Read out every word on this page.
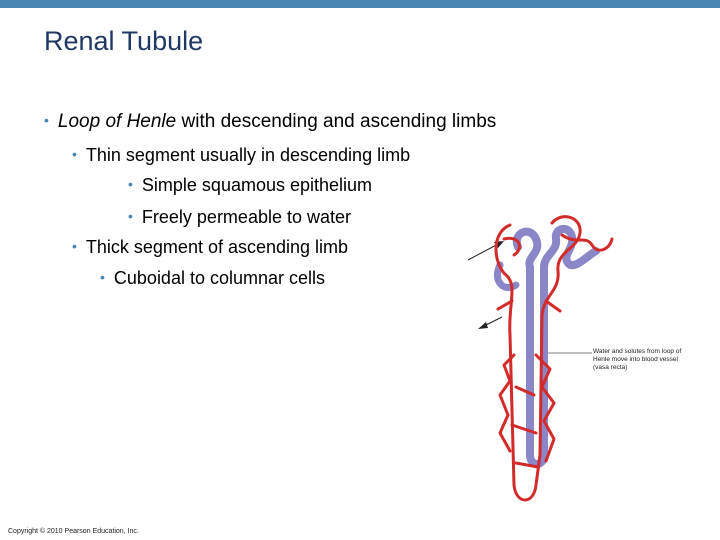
Renal Tubule
• Loop of Henle with descending and ascending limbs
• Thin segment usually in descending limb
• Simple squamous epithelium
• Freely permeable to water
• Thick segment of ascending limb
• Cuboidal to columnar cells
Water and solutes from loop of Henle move into blood vessel (vasa recta)
Copyright © 2010 Pearson Education, Inc.
